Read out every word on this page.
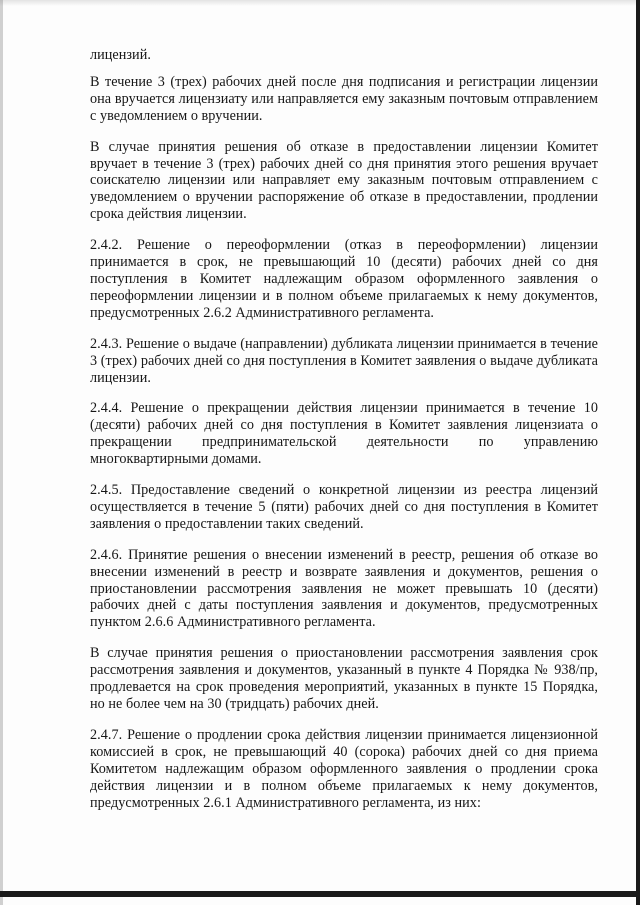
лицензий.

В течение 3 (трех) рабочих дней после дня подписания и регистрации лицензии она вручается лицензиату или направляется ему заказным почтовым отправлением с уведомлением о вручении.

В случае принятия решения об отказе в предоставлении лицензии Комитет вручает в течение 3 (трех) рабочих дней со дня принятия этого решения вручает соискателю лицензии или направляет ему заказным почтовым отправлением с уведомлением о вручении распоряжение об отказе в предоставлении, продлении срока действия лицензии.

2.4.2. Решение о переоформлении (отказ в переоформлении) лицензии принимается в срок, не превышающий 10 (десяти) рабочих дней со дня поступления в Комитет надлежащим образом оформленного заявления о переоформлении лицензии и в полном объеме прилагаемых к нему документов, предусмотренных 2.6.2 Административного регламента.

2.4.3. Решение о выдаче (направлении) дубликата лицензии принимается в течение 3 (трех) рабочих дней со дня поступления в Комитет заявления о выдаче дубликата лицензии.

2.4.4. Решение о прекращении действия лицензии принимается в течение 10 (десяти) рабочих дней со дня поступления в Комитет заявления лицензиата о прекращении предпринимательской деятельности по управлению многоквартирными домами.

2.4.5. Предоставление сведений о конкретной лицензии из реестра лицензий осуществляется в течение 5 (пяти) рабочих дней со дня поступления в Комитет заявления о предоставлении таких сведений.

2.4.6. Принятие решения о внесении изменений в реестр, решения об отказе во внесении изменений в реестр и возврате заявления и документов, решения о приостановлении рассмотрения заявления не может превышать 10 (десяти) рабочих дней с даты поступления заявления и документов, предусмотренных пунктом 2.6.6 Административного регламента.

В случае принятия решения о приостановлении рассмотрения заявления срок рассмотрения заявления и документов, указанный в пункте 4 Порядка № 938/пр, продлевается на срок проведения мероприятий, указанных в пункте 15 Порядка, но не более чем на 30 (тридцать) рабочих дней.

2.4.7. Решение о продлении срока действия лицензии принимается лицензионной комиссией в срок, не превышающий 40 (сорока) рабочих дней со дня приема Комитетом надлежащим образом оформленного заявления о продлении срока действия лицензии и в полном объеме прилагаемых к нему документов, предусмотренных 2.6.1 Административного регламента, из них:
